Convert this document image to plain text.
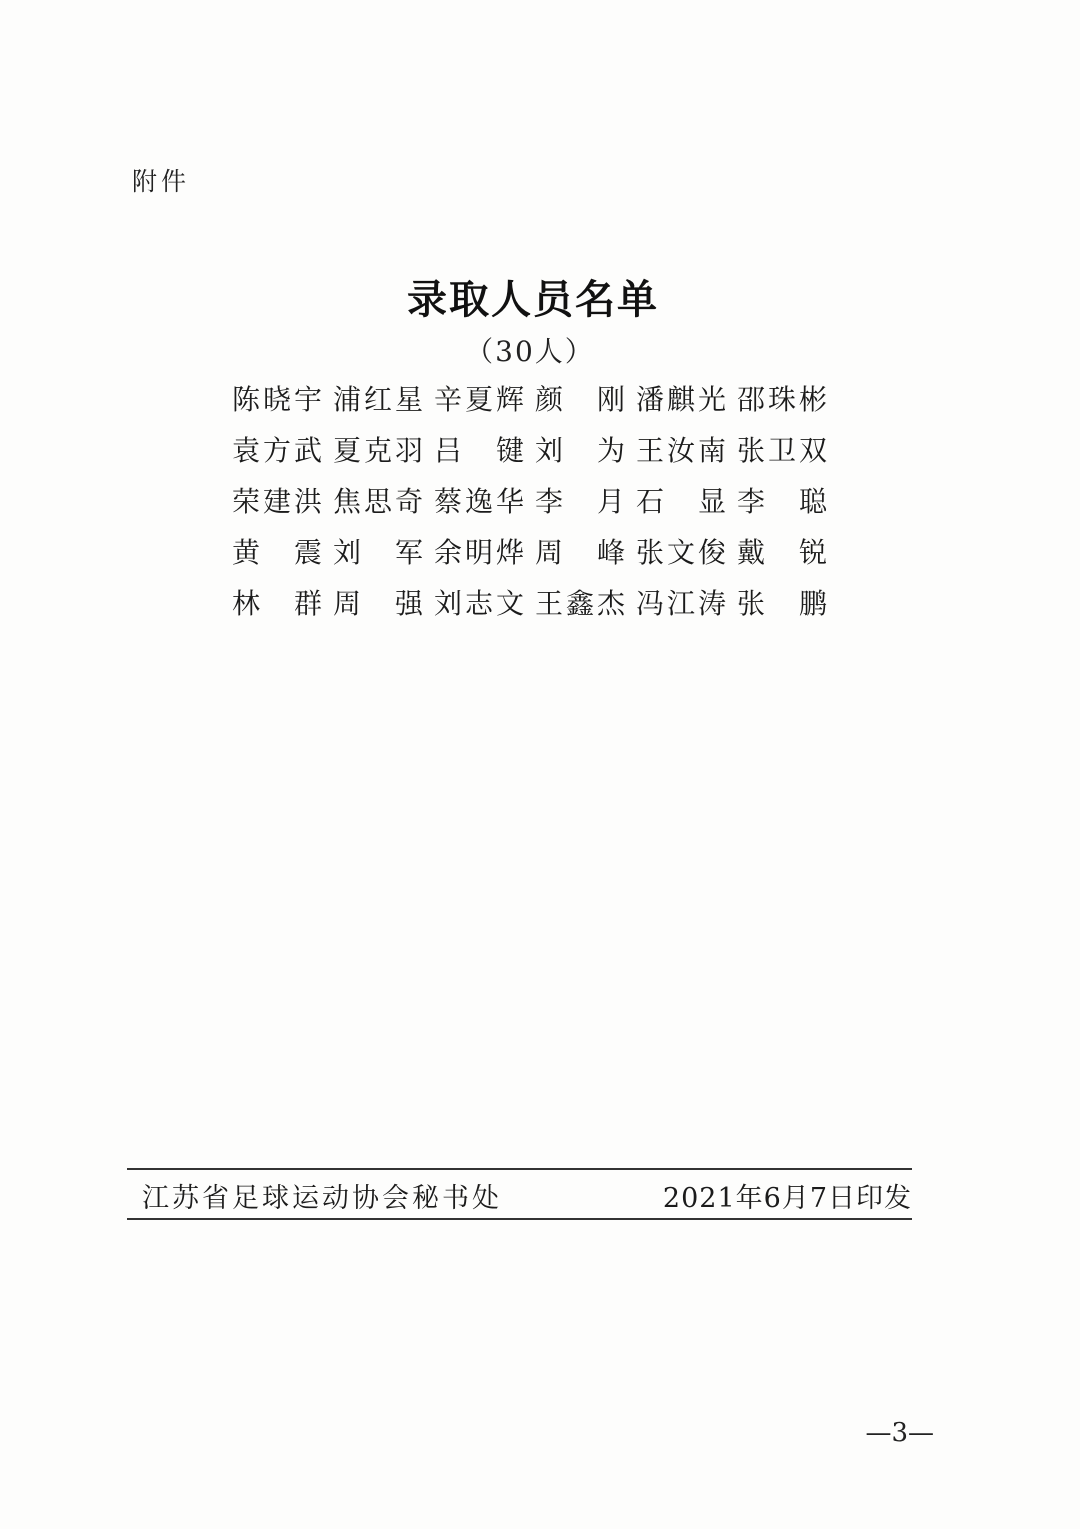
附件
录取人员名单
（30人）
陈 晓 宇 浦 红 星 辛 夏 辉 颜 刚 潘 麒 光 邵 珠 彬
袁 方 武 夏 克 羽 吕 键 刘 为 王 汝 南 张 卫 双
荣 建 洪 焦 思 奇 蔡 逸 华 李 月 石 显 李 聪
黄 震 刘 军 余 明 烨 周 峰 张 文 俊 戴 锐
林 群 周 强 刘 志 文 王 鑫 杰 冯 江 涛 张 鹏
江苏省足球运动协会秘书处	2021年6月7日印发
—3—
